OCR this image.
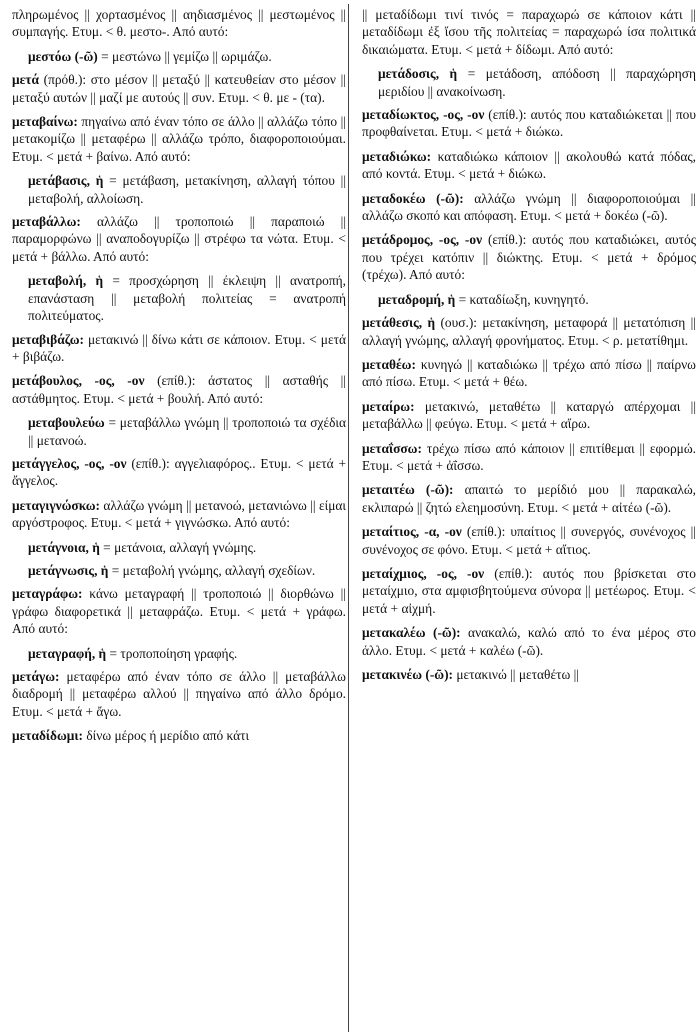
πληρωμένος || χορτασμένος || αηδιασμένος || μεστωμένος || συμπαγής. Ετυμ. < θ. μεστο-. Από αυτό:
μεστόω (-ῶ) = μεστώνω || γεμίζω || ωριμάζω.
μετά (πρόθ.): στο μέσον || μεταξύ || κατευθείαν στο μέσον || μεταξύ αυτών || μαζί με αυτούς || συν. Ετυμ. < θ. με - (τα).
μεταβαίνω: πηγαίνω από έναν τόπο σε άλλο || αλλάζω τόπο || μετακομίζω || μεταφέρω || αλλάζω τρόπο, διαφοροποιούμαι. Ετυμ. < μετά + βαίνω. Από αυτό:
μετάβασις, ἡ = μετάβαση, μετακίνηση, αλλαγή τόπου || μεταβολή, αλλοίωση.
μεταβάλλω: αλλάζω || τροποποιώ || παραποιώ || παραμορφώνω || αναποδογυρίζω || στρέφω τα νώτα. Ετυμ. < μετά + βάλλω. Από αυτό:
μεταβολή, ἡ = προσχώρηση || έκλειψη || ανατροπή, επανάσταση || μεταβολή πολιτείας = ανατροπή πολιτεύματος.
μεταβιβάζω: μετακινώ || δίνω κάτι σε κάποιον. Ετυμ. < μετά + βιβάζω.
μετάβουλος, -ος, -ον (επίθ.): άστατος || ασταθής || αστάθμητος. Ετυμ. < μετά + βουλή. Από αυτό:
μεταβουλεύω = μεταβάλλω γνώμη || τροποποιώ τα σχέδια || μετανοώ.
μετάγγελος, -ος, -ον (επίθ.): αγγελιαφόρος.. Ετυμ. < μετά + ἄγγελος.
μεταγιγνώσκω: αλλάζω γνώμη || μετανοώ, μετανιώνω || είμαι αργόστροφος. Ετυμ. < μετά + γιγνώσκω. Από αυτό:
μετάγνοια, ἡ = μετάνοια, αλλαγή γνώμης.
μετάγνωσις, ἡ = μεταβολή γνώμης, αλλαγή σχεδίων.
μεταγράφω: κάνω μεταγραφή || τροποποιώ || διορθώνω || γράφω διαφορετικά || μεταφράζω. Ετυμ. < μετά + γράφω. Από αυτό:
μεταγραφή, ἡ = τροποποίηση γραφής.
μετάγω: μεταφέρω από έναν τόπο σε άλλο || μεταβάλλω διαδρομή || μεταφέρω αλλού || πηγαίνω από άλλο δρόμο. Ετυμ. < μετά + ἄγω.
μεταδίδωμι: δίνω μέρος ή μερίδιο από κάτι
|| μεταδίδωμι τινί τινός = παραχωρώ σε κάποιον κάτι || μεταδίδωμι ἐξ ἴσου τῆς πολιτείας = παραχωρώ ίσα πολιτικά δικαιώματα. Ετυμ. < μετά + δίδωμι. Από αυτό:
μετάδοσις, ἡ = μετάδοση, απόδοση || παραχώρηση μεριδίου || ανακοίνωση.
μεταδίωκτος, -ος, -ον (επίθ.): αυτός που καταδιώκεται || που προφθαίνεται. Ετυμ. < μετά + διώκω.
μεταδιώκω: καταδιώκω κάποιον || ακολουθώ κατά πόδας, από κοντά. Ετυμ. < μετά + διώκω.
μεταδοκέω (-ῶ): αλλάζω γνώμη || διαφοροποιούμαι || αλλάζω σκοπό και απόφαση. Ετυμ. < μετά + δοκέω (-ῶ).
μετάδρομος, -ος, -ον (επίθ.): αυτός που καταδιώκει, αυτός που τρέχει κατόπιν || διώκτης. Ετυμ. < μετά + δρόμος (τρέχω). Από αυτό:
μεταδρομή, ἡ = καταδίωξη, κυνηγητό.
μετάθεσις, ἡ (ουσ.): μετακίνηση, μεταφορά || μετατόπιση || αλλαγή γνώμης, αλλαγή φρονήματος. Ετυμ. < ρ. μετατίθημι.
μεταθέω: κυνηγώ || καταδιώκω || τρέχω από πίσω || παίρνω από πίσω. Ετυμ. < μετά + θέω.
μεταίρω: μετακινώ, μεταθέτω || καταργώ απέρχομαι || μεταβάλλω || φεύγω. Ετυμ. < μετά + αἴρω.
μεταΐσσω: τρέχω πίσω από κάποιον || επιτίθεμαι || εφορμώ. Ετυμ. < μετά + ἀΐσσω.
μεταιτέω (-ῶ): απαιτώ το μερίδιό μου || παρακαλώ, εκλιπαρώ || ζητώ ελεημοσύνη. Ετυμ. < μετά + αἰτέω (-ῶ).
μεταίτιος, -α, -ον (επίθ.): υπαίτιος || συνεργός, συνένοχος || συνένοχος σε φόνο. Ετυμ. < μετά + αἴτιος.
μεταίχμιος, -ος, -ον (επίθ.): αυτός που βρίσκεται στο μεταίχμιο, στα αμφισβητούμενα σύνορα || μετέωρος. Ετυμ. < μετά + αἰχμή.
μετακαλέω (-ῶ): ανακαλώ, καλώ από το ένα μέρος στο άλλο. Ετυμ. < μετά + καλέω (-ῶ).
μετακινέω (-ῶ): μετακινώ || μεταθέτω ||
